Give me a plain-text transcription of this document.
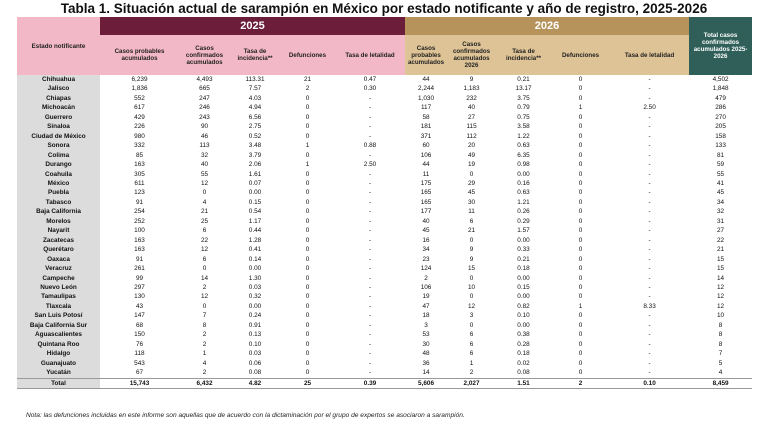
Tabla 1. Situación actual de sarampión en México por estado notificante y año de registro, 2025-2026
Estado notificante	2025					2026					Total casos confirmados acumulados 2025-2026
	Casos probables acumulados	Casos confirmados acumulados	Tasa de incidencia**	Defunciones	Tasa de letalidad	Casos probables acumulados	Casos confirmados acumulados 2026	Tasa de incidencia**	Defunciones	Tasa de letalidad	
Chihuahua	6,239	4,493	113.31	21	0.47	44	9	0.21	0	-	4,502
Jalisco	1,836	665	7.57	2	0.30	2,244	1,183	13.17	0	-	1,848
Chiapas	552	247	4.03	0	-	1,030	232	3.75	0	-	479
Michoacán	617	246	4.94	0	-	117	40	0.79	1	2.50	286
Guerrero	429	243	6.56	0	-	58	27	0.75	0	-	270
Sinaloa	226	90	2.75	0	-	181	115	3.58	0	-	205
Ciudad de México	980	46	0.52	0	-	371	112	1.22	0	-	158
Sonora	332	113	3.48	1	0.88	60	20	0.63	0	-	133
Colima	85	32	3.79	0	-	106	49	6.35	0	-	81
Durango	163	40	2.06	1	2.50	44	19	0.98	0	-	59
Coahuila	305	55	1.61	0	-	11	0	0.00	0	-	55
México	611	12	0.07	0	-	175	29	0.16	0	-	41
Puebla	123	0	0.00	0	-	165	45	0.63	0	-	45
Tabasco	91	4	0.15	0	-	165	30	1.21	0	-	34
Baja California	254	21	0.54	0	-	177	11	0.26	0	-	32
Morelos	252	25	1.17	0	-	40	6	0.29	0	-	31
Nayarit	100	6	0.44	0	-	45	21	1.57	0	-	27
Zacatecas	163	22	1.28	0	-	16	0	0.00	0	-	22
Querétaro	163	12	0.41	0	-	34	9	0.33	0	-	21
Oaxaca	91	6	0.14	0	-	23	9	0.21	0	-	15
Veracruz	261	0	0.00	0	-	124	15	0.18	0	-	15
Campeche	99	14	1.30	0	-	2	0	0.00	0	-	14
Nuevo León	297	2	0.03	0	-	106	10	0.15	0	-	12
Tamaulipas	130	12	0.32	0	-	19	0	0.00	0	-	12
Tlaxcala	43	0	0.00	0	-	47	12	0.82	1	8.33	12
San Luis Potosí	147	7	0.24	0	-	18	3	0.10	0	-	10
Baja California Sur	68	8	0.91	0	-	3	0	0.00	0	-	8
Aguascalientes	150	2	0.13	0	-	53	6	0.38	0	-	8
Quintana Roo	76	2	0.10	0	-	30	6	0.28	0	-	8
Hidalgo	118	1	0.03	0	-	48	6	0.18	0	-	7
Guanajuato	543	4	0.06	0	-	36	1	0.02	0	-	5
Yucatán	67	2	0.08	0	-	14	2	0.08	0	-	4
Total	15,743	6,432	4.82	25	0.39	5,606	2,027	1.51	2	0.10	8,459
Nota: las defunciones incluidas en este informe son aquellas que de acuerdo con la dictaminación por el grupo de expertos se asociaron a sarampión.
